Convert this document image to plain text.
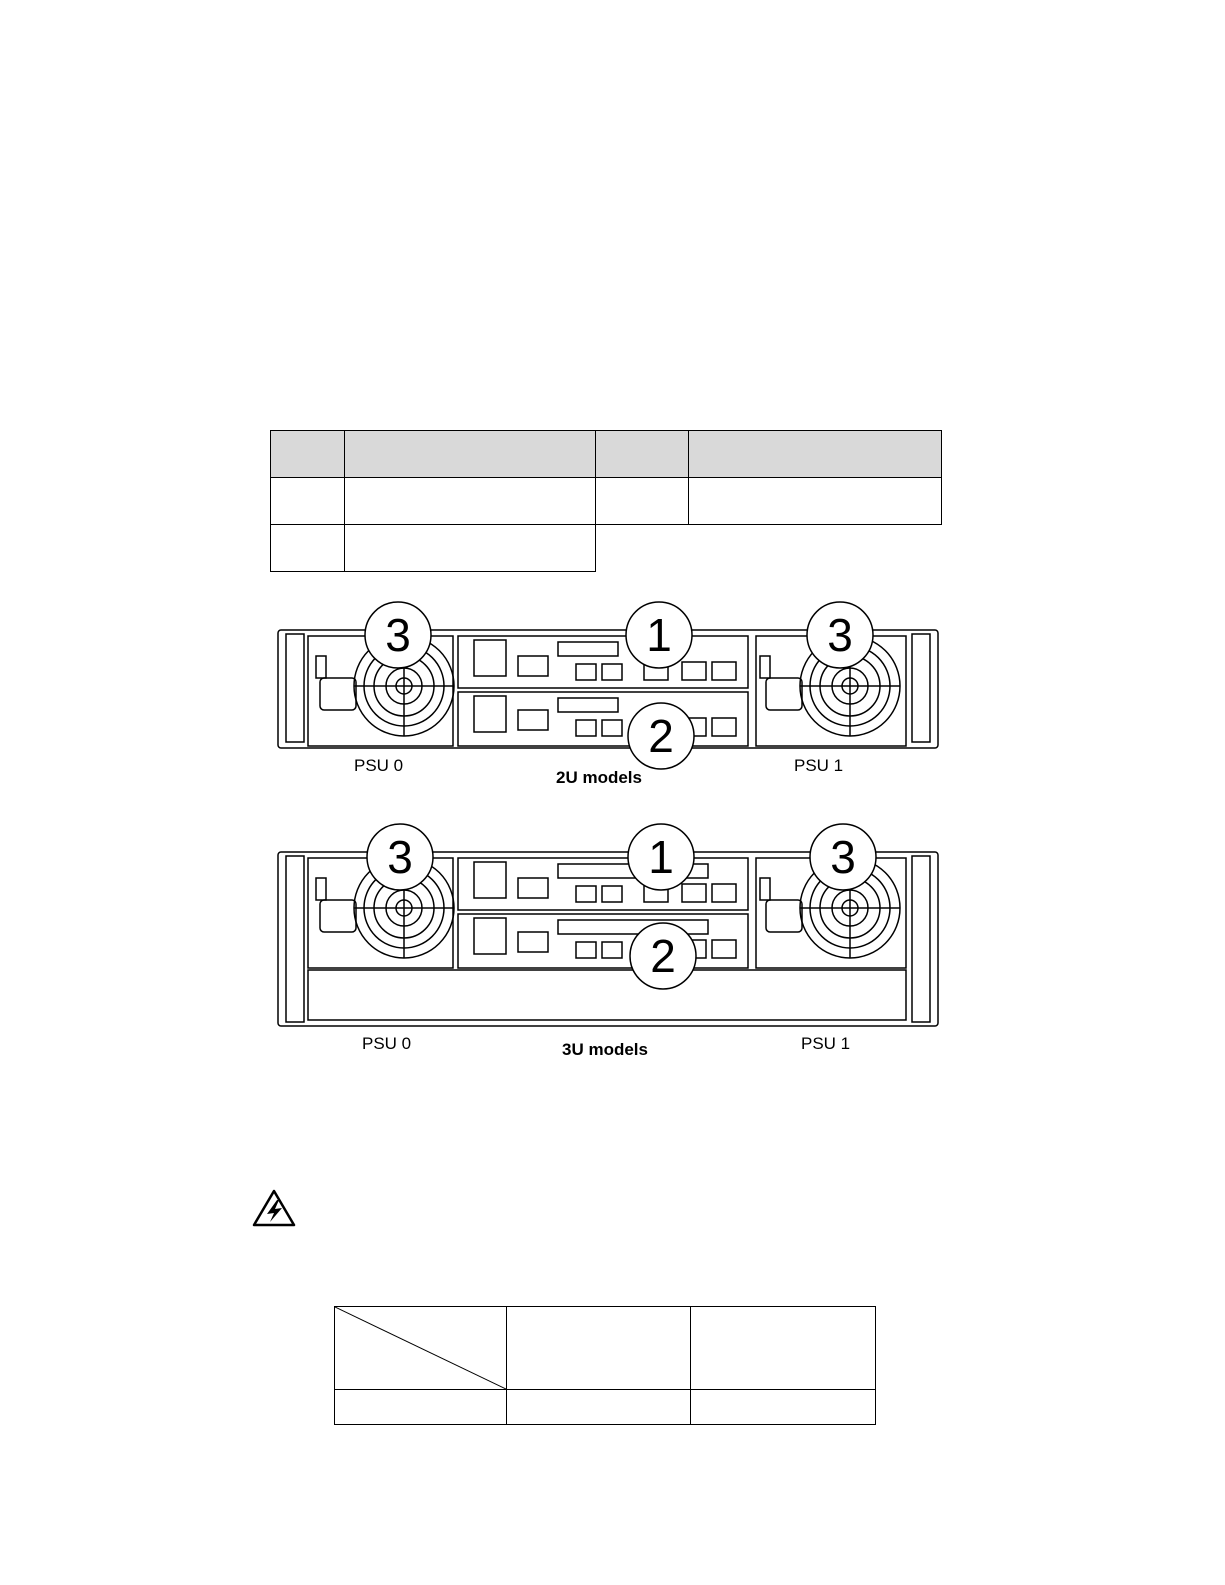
3	1	3
2
PSU 0
2U models
PSU 1
3	1	3
2
PSU 0	3U models	PSU 1
